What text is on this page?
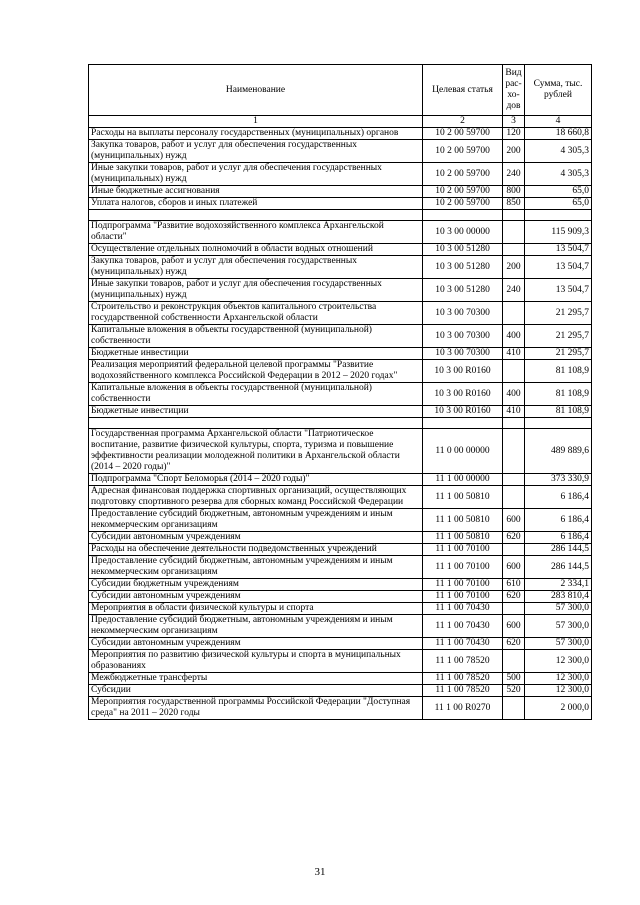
Наименование	Целевая статья	Вид рас-хо-дов	Сумма, тыс. рублей
1	2	3	4
Расходы на выплаты персоналу государственных (муниципальных) органов	10 2 00 59700	120	18 660,8
Закупка товаров, работ и услуг для обеспечения государственных (муниципальных) нужд	10 2 00 59700	200	4 305,3
Иные закупки товаров, работ и услуг для обеспечения государственных (муниципальных) нужд	10 2 00 59700	240	4 305,3
Иные бюджетные ассигнования	10 2 00 59700	800	65,0
Уплата налогов, сборов и иных платежей	10 2 00 59700	850	65,0

Подпрограмма "Развитие водохозяйственного комплекса Архангельской области"	10 3 00 00000		115 909,3
Осуществление отдельных полномочий в области водных отношений	10 3 00 51280		13 504,7
Закупка товаров, работ и услуг для обеспечения государственных (муниципальных) нужд	10 3 00 51280	200	13 504,7
Иные закупки товаров, работ и услуг для обеспечения государственных (муниципальных) нужд	10 3 00 51280	240	13 504,7
Строительство и реконструкция объектов капитального строительства государственной собственности Архангельской области	10 3 00 70300		21 295,7
Капитальные вложения в объекты государственной (муниципальной) собственности	10 3 00 70300	400	21 295,7
Бюджетные инвестиции	10 3 00 70300	410	21 295,7
Реализация мероприятий федеральной целевой программы "Развитие водохозяйственного комплекса Российской Федерации в 2012 – 2020 годах"	10 3 00 R0160		81 108,9
Капитальные вложения в объекты государственной (муниципальной) собственности	10 3 00 R0160	400	81 108,9
Бюджетные инвестиции	10 3 00 R0160	410	81 108,9

Государственная программа Архангельской области "Патриотическое воспитание, развитие физической культуры, спорта, туризма и повышение эффективности реализации молодежной политики в Архангельской области (2014 – 2020 годы)"	11 0 00 00000		489 889,6
Подпрограмма "Спорт Беломорья (2014 – 2020 годы)"	11 1 00 00000		373 330,9
Адресная финансовая поддержка спортивных организаций, осуществляющих подготовку спортивного резерва для сборных команд Российской Федерации	11 1 00 50810		6 186,4
Предоставление субсидий бюджетным, автономным учреждениям и иным некоммерческим организациям	11 1 00 50810	600	6 186,4
Субсидии автономным учреждениям	11 1 00 50810	620	6 186,4
Расходы на обеспечение деятельности подведомственных учреждений	11 1 00 70100		286 144,5
Предоставление субсидий бюджетным, автономным учреждениям и иным некоммерческим организациям	11 1 00 70100	600	286 144,5
Субсидии бюджетным учреждениям	11 1 00 70100	610	2 334,1
Субсидии автономным учреждениям	11 1 00 70100	620	283 810,4
Мероприятия в области физической культуры и спорта	11 1 00 70430		57 300,0
Предоставление субсидий бюджетным, автономным учреждениям и иным некоммерческим организациям	11 1 00 70430	600	57 300,0
Субсидии автономным учреждениям	11 1 00 70430	620	57 300,0
Мероприятия по развитию физической культуры и спорта в муниципальных образованиях	11 1 00 78520		12 300,0
Межбюджетные трансферты	11 1 00 78520	500	12 300,0
Субсидии	11 1 00 78520	520	12 300,0
Мероприятия государственной программы Российской Федерации "Доступная среда" на 2011 – 2020 годы	11 1 00 R0270		2 000,0
31
